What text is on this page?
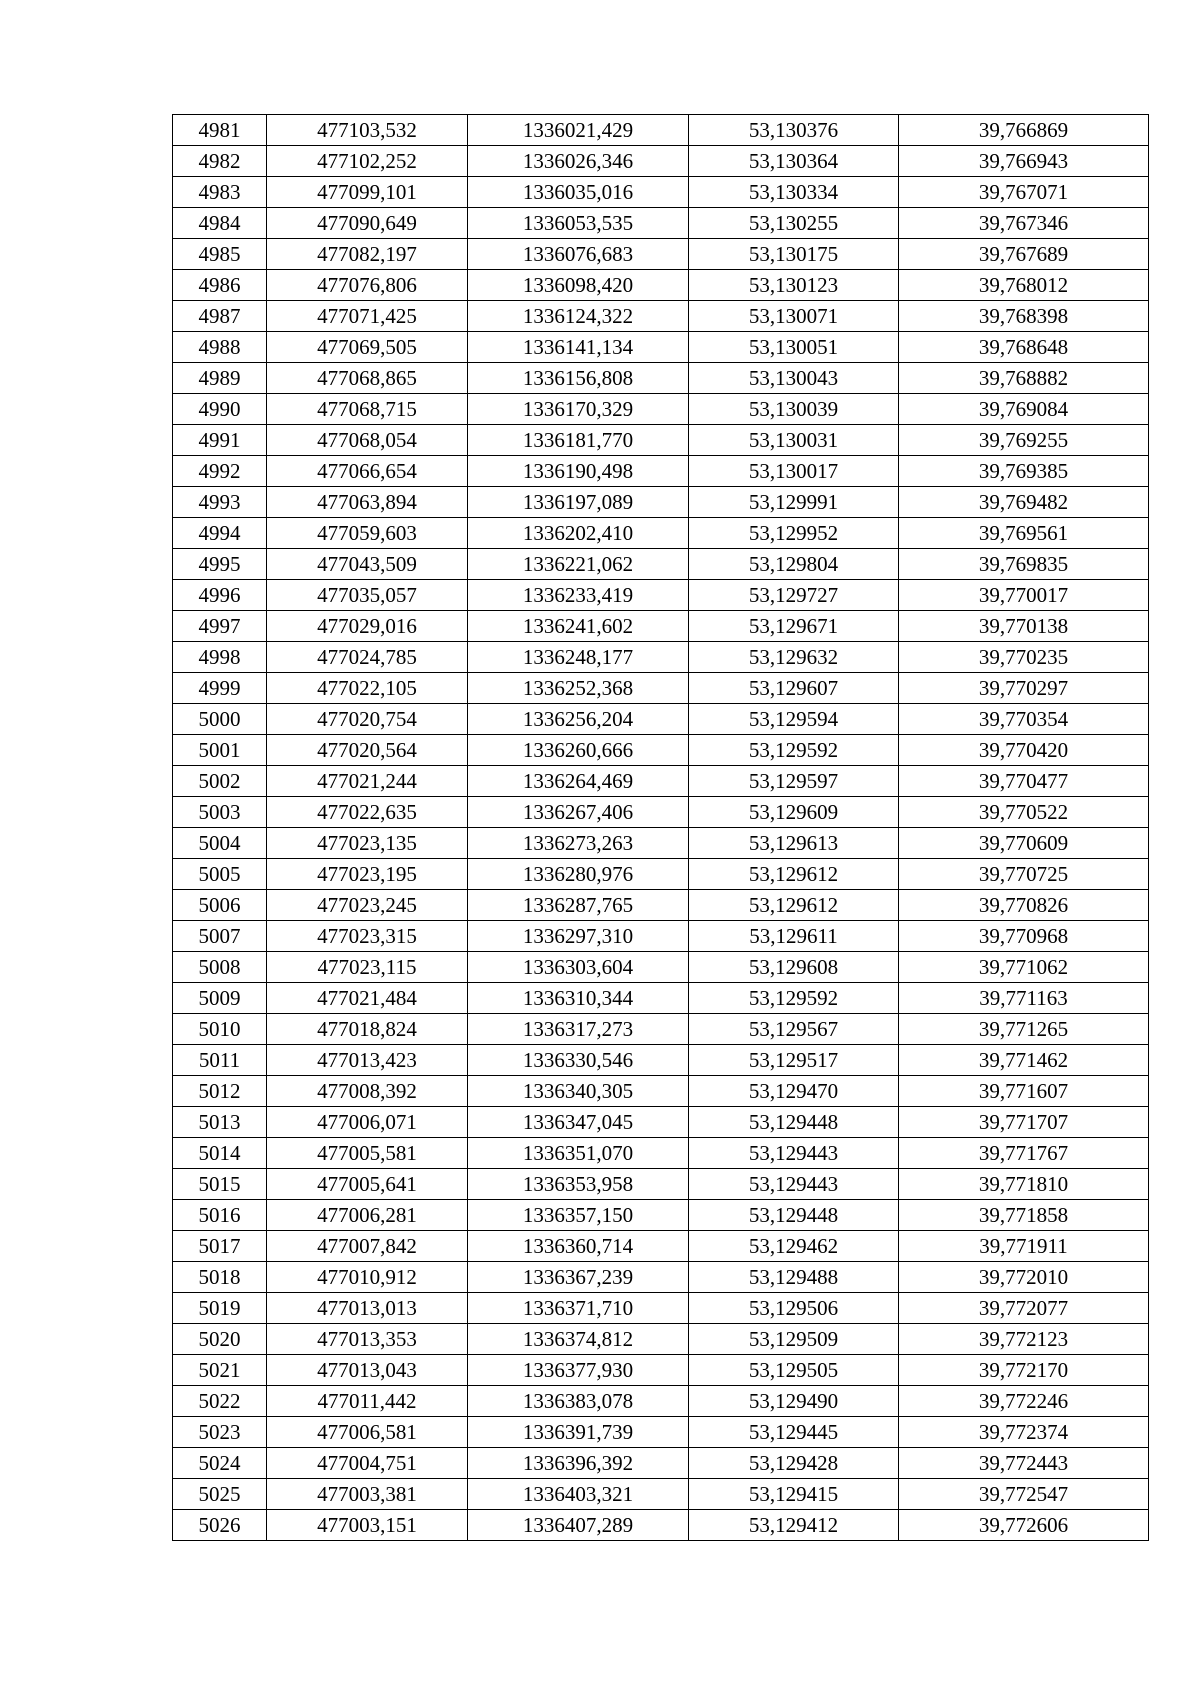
4981	477103,532	1336021,429	53,130376	39,766869
4982	477102,252	1336026,346	53,130364	39,766943
4983	477099,101	1336035,016	53,130334	39,767071
4984	477090,649	1336053,535	53,130255	39,767346
4985	477082,197	1336076,683	53,130175	39,767689
4986	477076,806	1336098,420	53,130123	39,768012
4987	477071,425	1336124,322	53,130071	39,768398
4988	477069,505	1336141,134	53,130051	39,768648
4989	477068,865	1336156,808	53,130043	39,768882
4990	477068,715	1336170,329	53,130039	39,769084
4991	477068,054	1336181,770	53,130031	39,769255
4992	477066,654	1336190,498	53,130017	39,769385
4993	477063,894	1336197,089	53,129991	39,769482
4994	477059,603	1336202,410	53,129952	39,769561
4995	477043,509	1336221,062	53,129804	39,769835
4996	477035,057	1336233,419	53,129727	39,770017
4997	477029,016	1336241,602	53,129671	39,770138
4998	477024,785	1336248,177	53,129632	39,770235
4999	477022,105	1336252,368	53,129607	39,770297
5000	477020,754	1336256,204	53,129594	39,770354
5001	477020,564	1336260,666	53,129592	39,770420
5002	477021,244	1336264,469	53,129597	39,770477
5003	477022,635	1336267,406	53,129609	39,770522
5004	477023,135	1336273,263	53,129613	39,770609
5005	477023,195	1336280,976	53,129612	39,770725
5006	477023,245	1336287,765	53,129612	39,770826
5007	477023,315	1336297,310	53,129611	39,770968
5008	477023,115	1336303,604	53,129608	39,771062
5009	477021,484	1336310,344	53,129592	39,771163
5010	477018,824	1336317,273	53,129567	39,771265
5011	477013,423	1336330,546	53,129517	39,771462
5012	477008,392	1336340,305	53,129470	39,771607
5013	477006,071	1336347,045	53,129448	39,771707
5014	477005,581	1336351,070	53,129443	39,771767
5015	477005,641	1336353,958	53,129443	39,771810
5016	477006,281	1336357,150	53,129448	39,771858
5017	477007,842	1336360,714	53,129462	39,771911
5018	477010,912	1336367,239	53,129488	39,772010
5019	477013,013	1336371,710	53,129506	39,772077
5020	477013,353	1336374,812	53,129509	39,772123
5021	477013,043	1336377,930	53,129505	39,772170
5022	477011,442	1336383,078	53,129490	39,772246
5023	477006,581	1336391,739	53,129445	39,772374
5024	477004,751	1336396,392	53,129428	39,772443
5025	477003,381	1336403,321	53,129415	39,772547
5026	477003,151	1336407,289	53,129412	39,772606
